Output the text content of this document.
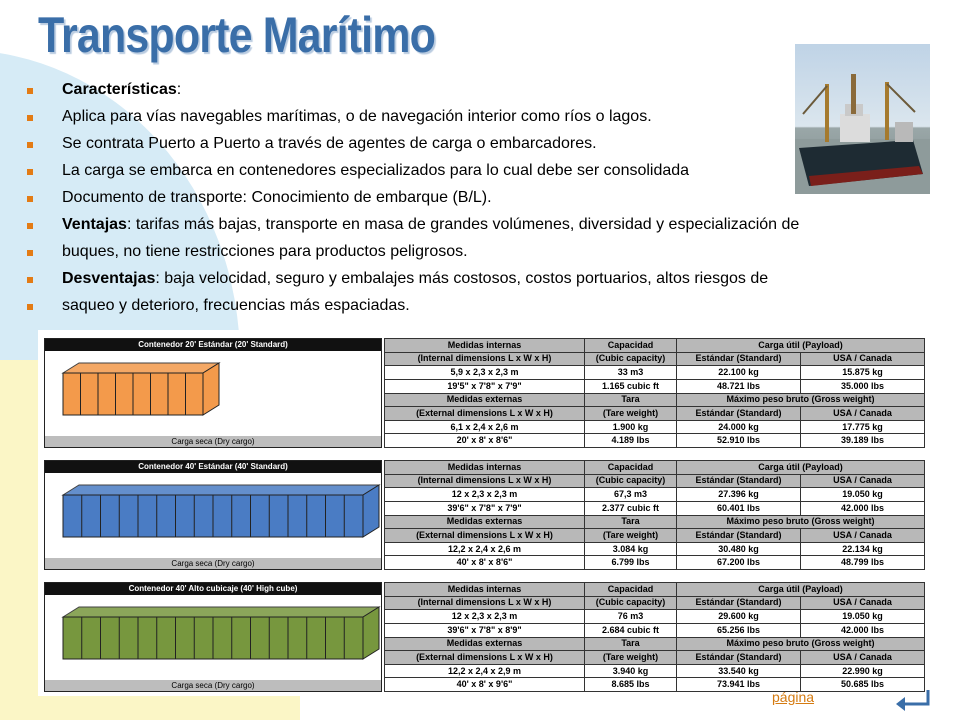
Transporte Marítimo
Características:
Aplica para vías navegables marítimas, o de navegación interior como ríos o lagos.
Se contrata Puerto a Puerto a través de agentes de carga o embarcadores.
La carga se embarca en contenedores especializados para lo cual debe ser consolidada
Documento de transporte: Conocimiento de embarque (B/L).
Ventajas: tarifas más bajas, transporte en masa de grandes volúmenes, diversidad y especialización de
buques, no tiene restricciones para productos peligrosos.
Desventajas: baja velocidad, seguro y embalajes más costosos, costos portuarios, altos riesgos de
saqueo y deterioro, frecuencias más espaciadas.
Contenedor 20' Estándar (20' Standard)
Carga seca (Dry cargo)
Medidas internas	Capacidad	Carga útil (Payload)	
(Internal dimensions L x W x H)	(Cubic capacity)	Estándar (Standard)	USA / Canada
5,9 x 2,3 x 2,3 m	33 m3	22.100 kg	15.875 kg
19'5" x 7'8" x 7'9"	1.165 cubic ft	48.721 lbs	35.000 lbs
Medidas externas	Tara	Máximo peso bruto (Gross weight)	
(External dimensions L x W x H)	(Tare weight)	Estándar (Standard)	USA / Canada
6,1 x 2,4 x 2,6 m	1.900 kg	24.000 kg	17.775 kg
20' x 8' x 8'6"	4.189 lbs	52.910 lbs	39.189 lbs
Contenedor 40' Estándar (40' Standard)
Carga seca (Dry cargo)
Medidas internas	Capacidad	Carga útil (Payload)	
(Internal dimensions L x W x H)	(Cubic capacity)	Estándar (Standard)	USA / Canada
12 x 2,3 x 2,3 m	67,3 m3	27.396 kg	19.050 kg
39'6" x 7'8" x 7'9"	2.377 cubic ft	60.401 lbs	42.000 lbs
Medidas externas	Tara	Máximo peso bruto (Gross weight)	
(External dimensions L x W x H)	(Tare weight)	Estándar (Standard)	USA / Canada
12,2 x 2,4 x 2,6 m	3.084 kg	30.480 kg	22.134 kg
40' x 8' x 8'6"	6.799 lbs	67.200 lbs	48.799 lbs
Contenedor 40' Alto cubicaje (40' High cube)
Carga seca (Dry cargo)
Medidas internas	Capacidad	Carga útil (Payload)	
(Internal dimensions L x W x H)	(Cubic capacity)	Estándar (Standard)	USA / Canada
12 x 2,3 x 2,3 m	76 m3	29.600 kg	19.050 kg
39'6" x 7'8" x 8'9"	2.684 cubic ft	65.256 lbs	42.000 lbs
Medidas externas	Tara	Máximo peso bruto (Gross weight)	
(External dimensions L x W x H)	(Tare weight)	Estándar (Standard)	USA / Canada
12,2 x 2,4 x 2,9 m	3.940 kg	33.540 kg	22.990 kg
40' x 8' x 9'6"	8.685 lbs	73.941 lbs	50.685 lbs
página
